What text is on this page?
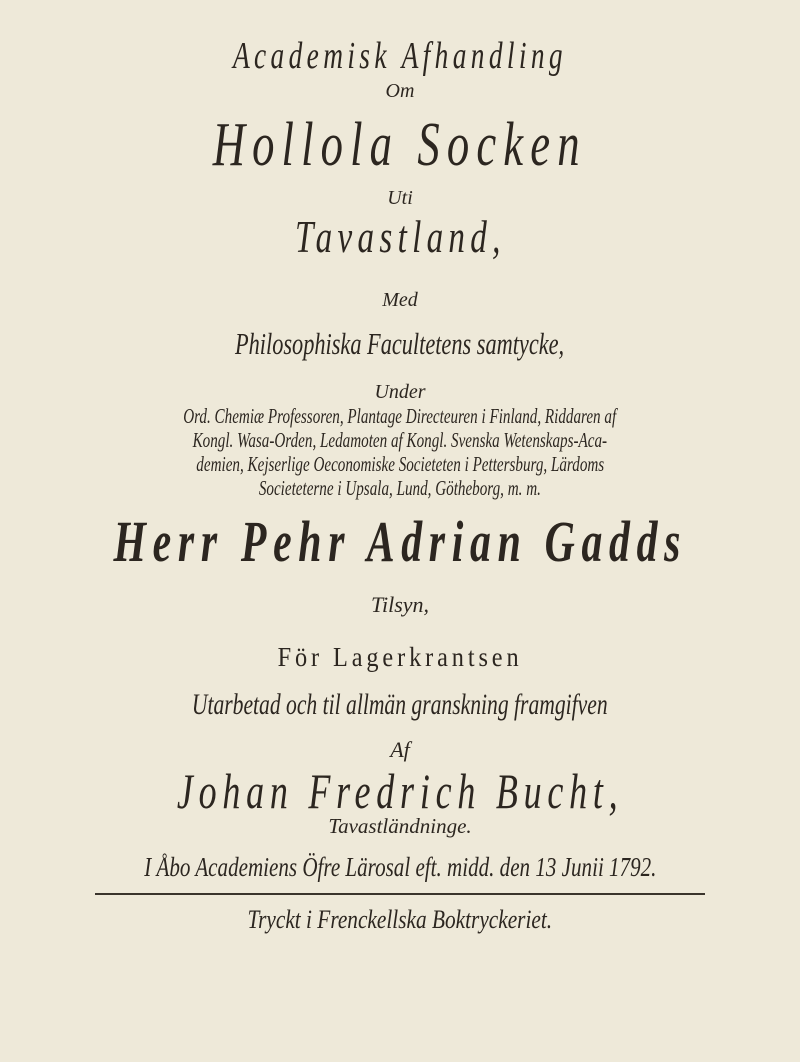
Academisk Afhandling
Om
Hollola Socken
Uti
Tavastland,
Med
Philosophiska Facultetens samtycke,
Under
Ord. Chemiæ Professoren, Plantage Directeuren i Finland, Riddaren af
Kongl. Wasa-Orden, Ledamoten af Kongl. Svenska Wetenskaps-Aca-
demien, Kejserlige Oeconomiske Societeten i Pettersburg, Lärdoms
Societeterne i Upsala, Lund, Götheborg, m. m.
Herr Pehr Adrian Gadds
Tilsyn,
För Lagerkrantsen
Utarbetad och til allmän granskning framgifven
Af
Johan Fredrich Bucht,
Tavastländninge.
I Åbo Academiens Öfre Lärosal eft. midd. den 13 Junii 1792.
Tryckt i Frenckellska Boktryckeriet.
